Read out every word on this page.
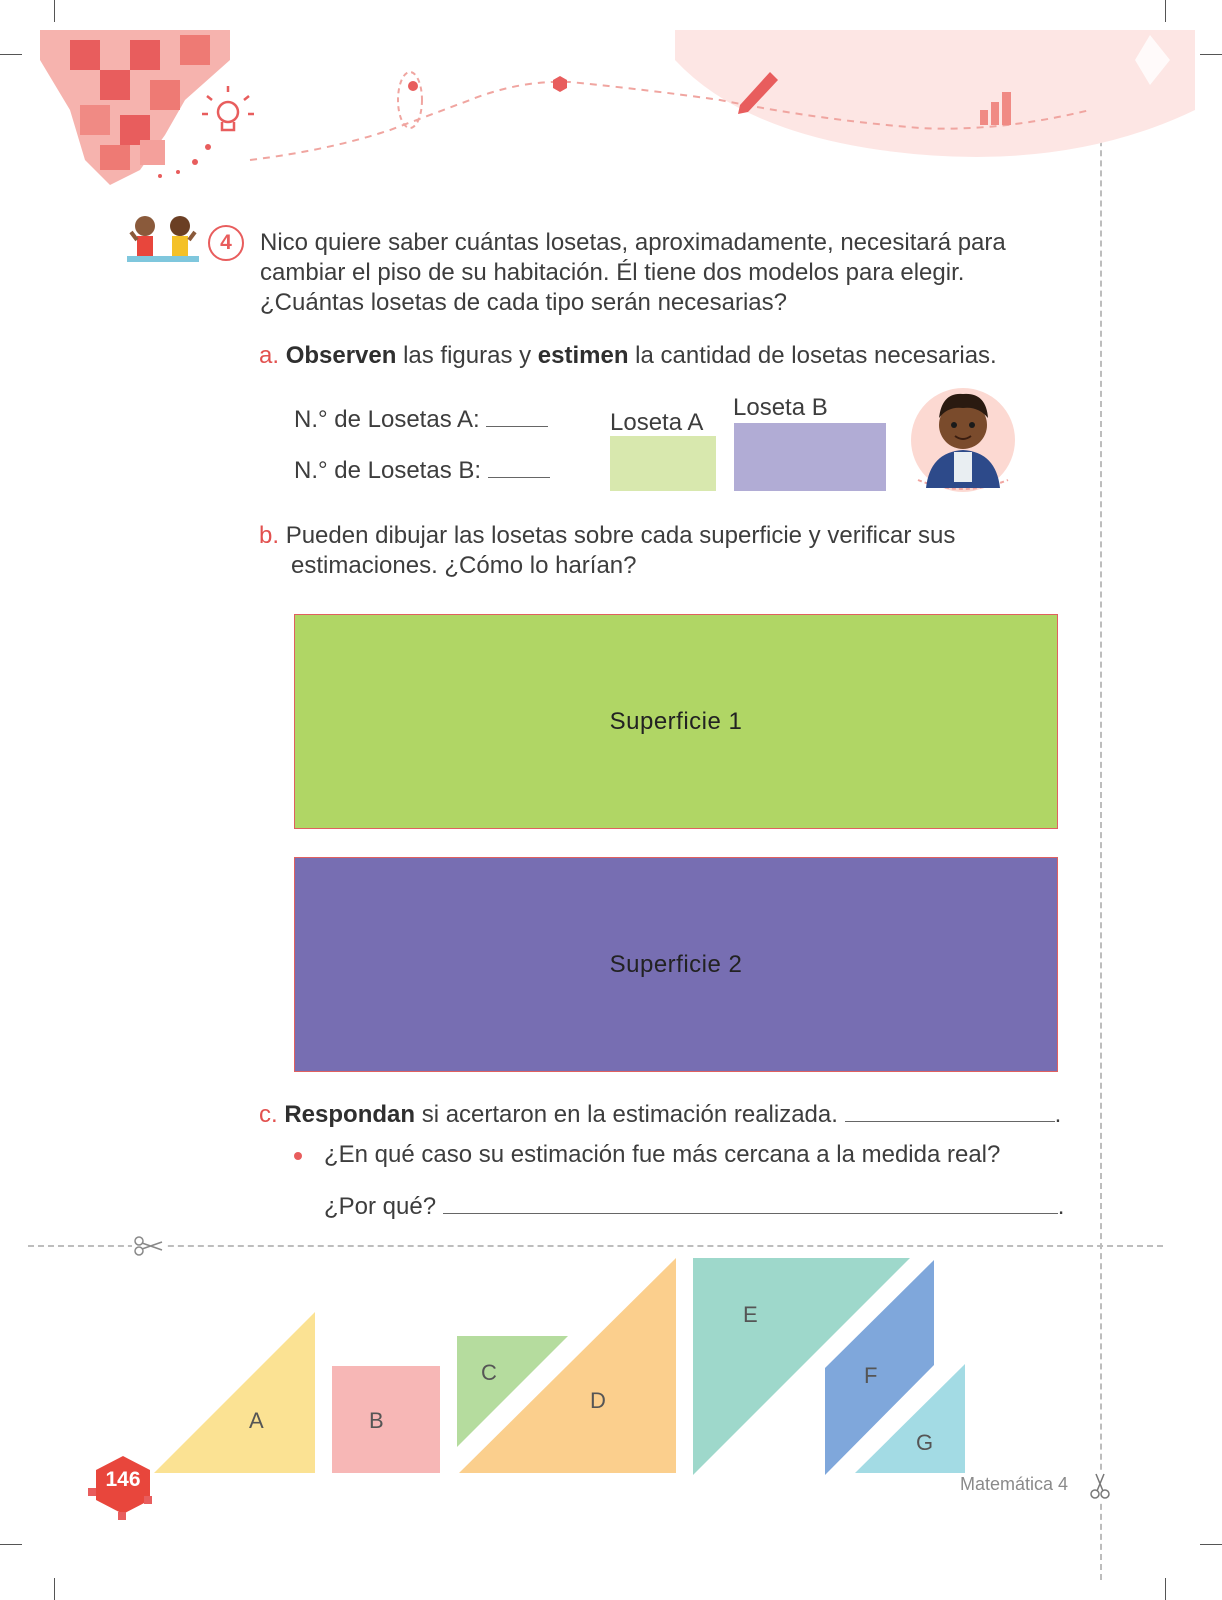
4	Nico quiere saber cuántas losetas, aproximadamente, necesitará para
cambiar el piso de su habitación. Él tiene dos modelos para elegir.
¿Cuántas losetas de cada tipo serán necesarias?
a. Observen las figuras y estimen la cantidad de losetas necesarias.
N.° de Losetas A:
N.° de Losetas B:
Loseta A
Loseta B
b. Pueden dibujar las losetas sobre cada superficie y verificar sus
estimaciones. ¿Cómo lo harían?
Superficie 1
Superficie 2
c. Respondan si acertaron en la estimación realizada.	.
¿En qué caso su estimación fue más cercana a la medida real?
¿Por qué?	.
A	B
C
D
E
F
G
146	Matemática 4
